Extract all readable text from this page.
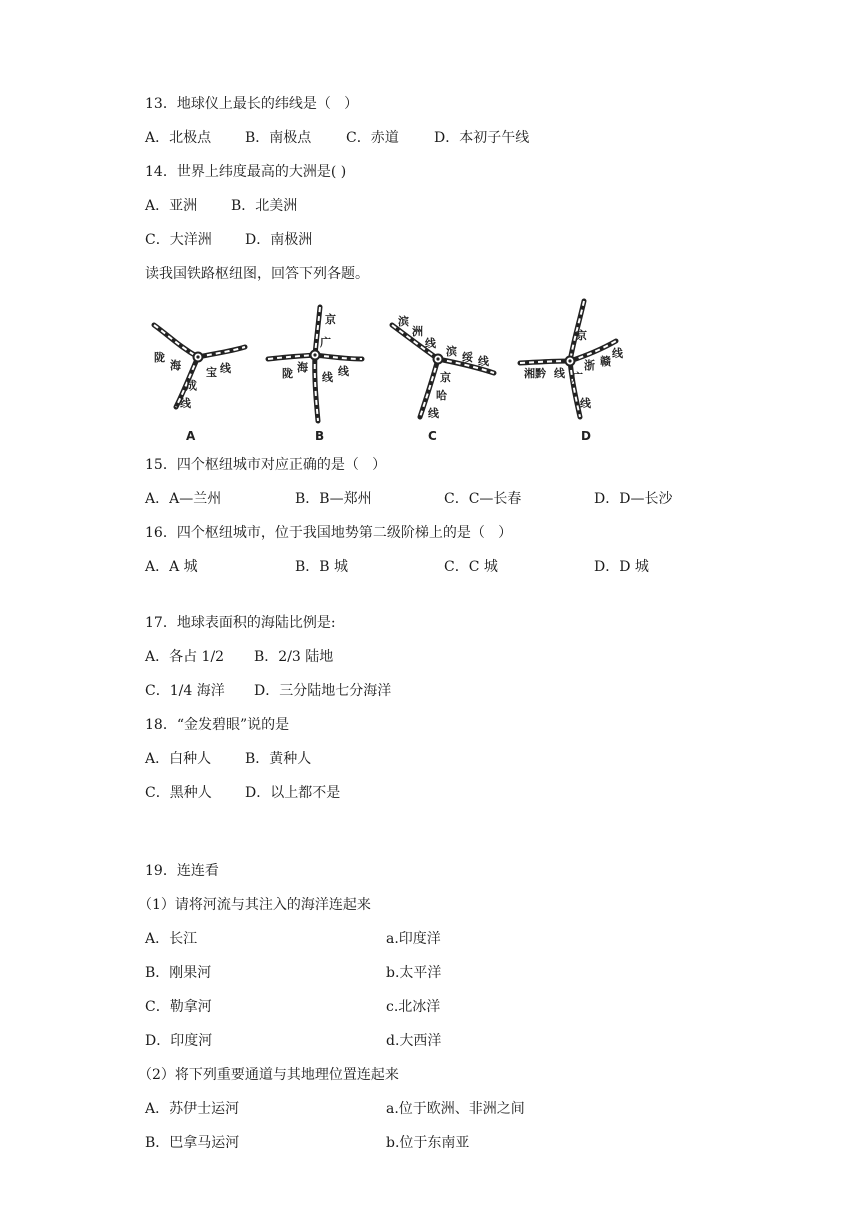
13．地球仪上最长的纬线是（   ）
A．北极点 B．南极点 C．赤道	D．本初子午线
14．世界上纬度最高的大洲是( )
A．亚洲 B．北美洲
C．大洋洲 D．南极洲
读我国铁路枢纽图，回答下列各题。
陇
海
宝 线
成
线
A
京
广
陇 海	线
线
B
滨
洲
线
滨 绥 线
京
哈
线
C
京
湘黔 线 广
浙 赣
线
线
D
15．四个枢纽城市对应正确的是（   ）
A．A—兰州	B．B—郑州	C．C—长春	D．D—长沙
16．四个枢纽城市，位于我国地势第二级阶梯上的是（   ）
A．A 城	B．B 城	C．C 城	D．D 城
17．地球表面积的海陆比例是:
A．各占 1/2 B．2/3 陆地
C．1/4 海洋 D．三分陆地七分海洋
18．“金发碧眼”说的是
A．白种人 B．黄种人
C．黑种人 D．以上都不是
19．连连看
（1）请将河流与其注入的海洋连起来
A．长江	a.印度洋
B．刚果河	b.太平洋
C．勒拿河	c.北冰洋
D．印度河	d.大西洋
（2）将下列重要通道与其地理位置连起来
A．苏伊士运河	a.位于欧洲、非洲之间
B．巴拿马运河	b.位于东南亚
